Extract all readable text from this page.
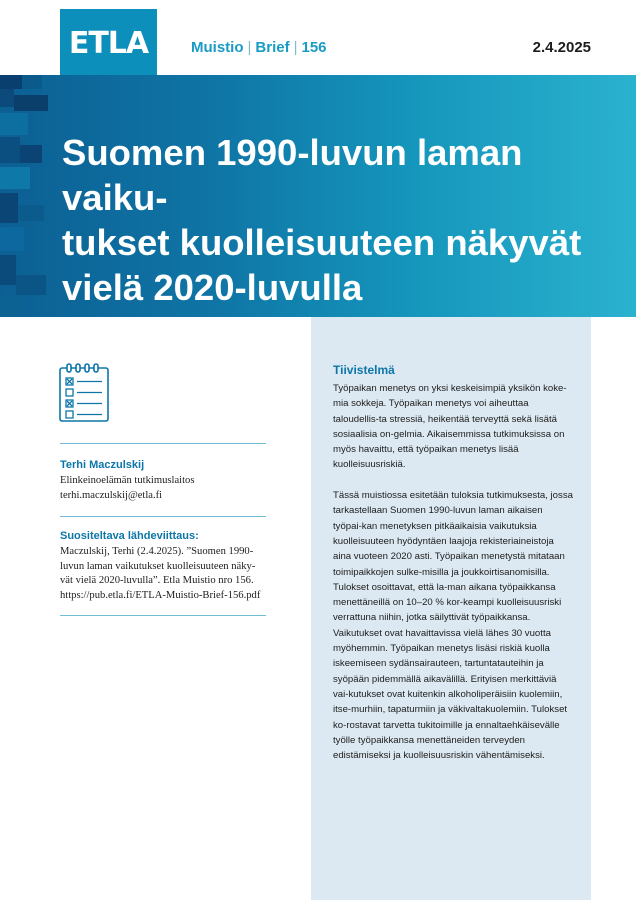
ETLA	Muistio | Brief | 156	2.4.2025
Suomen 1990-luvun laman vaiku-
tukset kuolleisuuteen näkyvät
vielä 2020-luvulla
Terhi Maczulskij
Elinkeinoelämän tutkimuslaitos
terhi.maczulskij@etla.fi
Suositeltava lähdeviittaus:
Maczulskij, Terhi (2.4.2025). ”Suomen 1990-
luvun laman vaikutukset kuolleisuuteen näky-
vät vielä 2020-luvulla”. Etla Muistio nro 156.
https://pub.etla.fi/ETLA-Muistio-Brief-156.pdf
Tiivistelmä

Työpaikan menetys on yksi keskeisimpiä yksikön koke-mia sokkeja. Työpaikan menetys voi aiheuttaa taloudellis-ta stressiä, heikentää terveyttä sekä lisätä sosiaalisia on-gelmia. Aikaisemmissa tutkimuksissa on myös havaittu, että työpaikan menetys lisää kuolleisuusriskiä.

Tässä muistiossa esitetään tuloksia tutkimuksesta, jossa tarkastellaan Suomen 1990-luvun laman aikaisen työpai-kan menetyksen pitkäaikaisia vaikutuksia kuolleisuuteen hyödyntäen laajoja rekisteriaineistoja aina vuoteen 2020 asti. Työpaikan menetystä mitataan toimipaikkojen sulke-misilla ja joukkoirtisanomisilla. Tulokset osoittavat, että la-man aikana työpaikkansa menettäneillä on 10–20 % kor-keampi kuolleisuusriski verrattuna niihin, jotka säilyttivät työpaikkansa. Vaikutukset ovat havaittavissa vielä lähes 30 vuotta myöhemmin. Työpaikan menetys lisäsi riskiä kuolla iskeemiseen sydänsairauteen, tartuntatauteihin ja syöpään pidemmällä aikavälillä. Erityisen merkittäviä vai-kutukset ovat kuitenkin alkoholiperäisiin kuolemiin, itse-murhiin, tapaturmiin ja väkivaltakuolemiin. Tulokset ko-rostavat tarvetta tukitoimille ja ennaltaehkäisevälle työlle työpaikkansa menettäneiden terveyden edistämiseksi ja kuolleisuusriskin vähentämiseksi.
